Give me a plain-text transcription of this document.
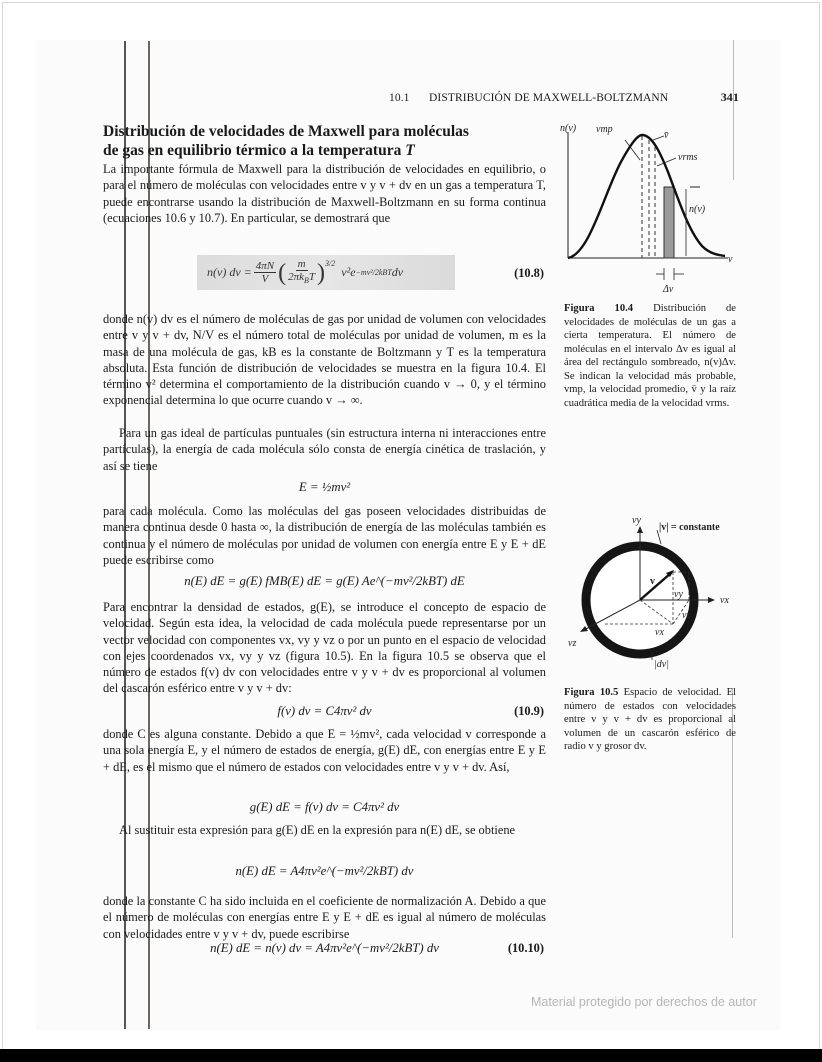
10.1	DISTRIBUCIÓN DE MAXWELL-BOLTZMANN	341
Distribución de velocidades de Maxwell para moléculas
de gas en equilibrio térmico a la temperatura T
La importante fórmula de Maxwell para la distribución de velocidades en equilibrio, o para el número de moléculas con velocidades entre v y v + dv en un gas a temperatura T, puede encontrarse usando la distribución de Maxwell-Boltzmann en su forma continua (ecuaciones 10.6 y 10.7). En particular, se demostrará que
n(v) dv = $\frac{4\pi N}{V}$ ( $\frac{m}{2\pi k_BT} )^{3/2}$
v²e −mv²/2kBT dv	(10.8)
donde n(v) dv es el número de moléculas de gas por unidad de volumen con velocidades entre v y v + dv, N/V es el número total de moléculas por unidad de volumen, m es la masa de una molécula de gas, kB es la constante de Boltzmann y T es la temperatura absoluta. Esta función de distribución de velocidades se muestra en la figura 10.4. El término v² determina el comportamiento de la distribución cuando v → 0, y el término exponencial determina lo que ocurre cuando v → ∞.
Para un gas ideal de partículas puntuales (sin estructura interna ni interacciones entre partículas), la energía de cada molécula sólo consta de energía cinética de traslación, y así se tiene
E = ½mv²
para cada molécula. Como las moléculas del gas poseen velocidades distribuidas de manera continua desde 0 hasta ∞, la distribución de energía de las moléculas también es continua y el número de moléculas por unidad de volumen con energía entre E y E + dE puede escribirse como
n(E) dE = g(E) fMB(E) dE = g(E) Ae^(−mv²/2kBT) dE
Para encontrar la densidad de estados, g(E), se introduce el concepto de espacio de velocidad. Según esta idea, la velocidad de cada molécula puede representarse por un vector velocidad con componentes vx, vy y vz o por un punto en el espacio de velocidad con ejes coordenados vx, vy y vz (figura 10.5). En la figura 10.5 se observa que el número de estados f(v) dv con velocidades entre v y v + dv es proporcional al volumen del cascarón esférico entre v y v + dv:
f(v) dv = C4πv² dv	(10.9)
donde C es alguna constante. Debido a que E = ½mv², cada velocidad v corresponde a una sola energía E, y el número de estados de energía, g(E) dE, con energías entre E y E + dE, es el mismo que el número de estados con velocidades entre v y v + dv. Así,
g(E) dE = f(v) dv = C4πv² dv
Al sustituir esta expresión para g(E) dE en la expresión para n(E) dE, se obtiene
n(E) dE = A4πv²e^(−mv²/2kBT) dv
donde la constante C ha sido incluida en el coeficiente de normalización A. Debido a que el número de moléculas con energías entre E y E + dE es igual al número de moléculas con velocidades entre v y v + dv, puede escribirse
n(E) dE = n(v) dv = A4πv²e^(−mv²/2kBT) dv	(10.10)
n(v) vmp
v̄
vrms
n(v)
v
Δv
Figura 10.4 Distribución de velocidades de moléculas de un gas a cierta temperatura. El número de moléculas en el intervalo Δv es igual al área del rectángulo sombreado, n(v)Δv. Se indican la velocidad más probable, vmp, la velocidad promedio, v̄ y la raíz cuadrática media de la velocidad vrms.
vy
|v| = constante
vx
vz
v
vy
vx
vz
|dv|
Figura 10.5 Espacio de velocidad. El número de estados con velocidades entre v y v + dv es proporcional al volumen de un cascarón esférico de radio v y grosor dv.
Material protegido por derechos de autor
